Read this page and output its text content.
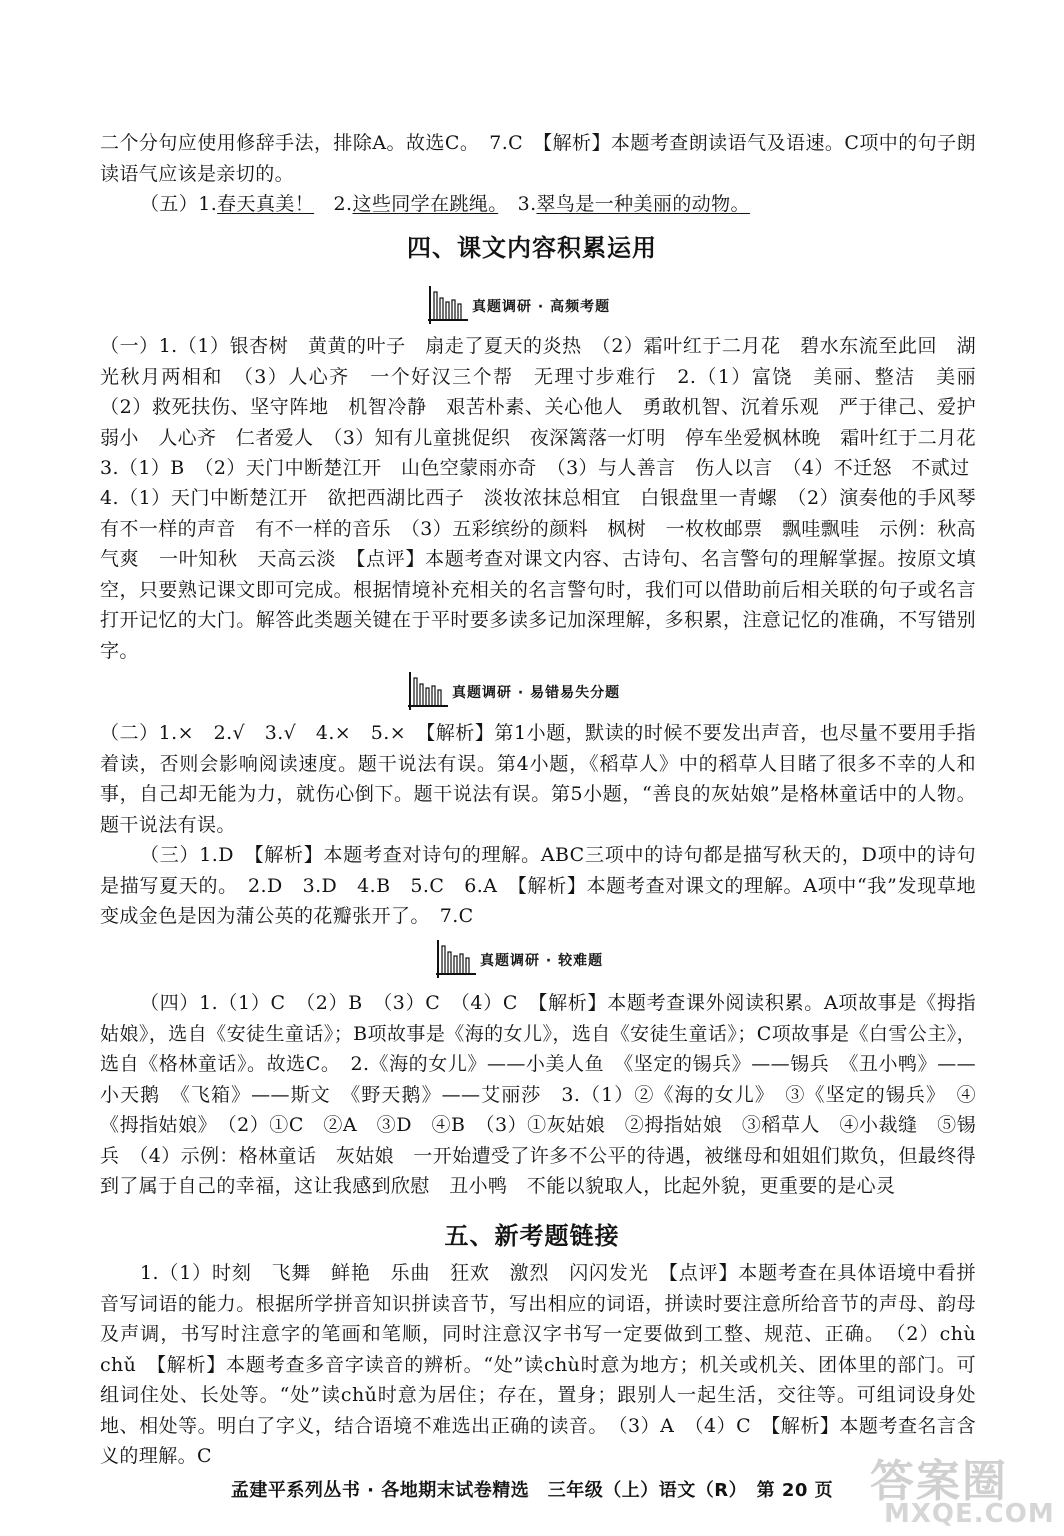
二个分句应使用修辞手法，排除A。故选C。　7.C　【解析】本题考查朗读语气及语速。C项中的句子朗读语气应该是亲切的。

（五）1.春天真美！　2.这些同学在跳绳。　3.翠鸟是一种美丽的动物。

四、课文内容积累运用
真题调研 · 高频考题

（一）1.（1）银杏树　黄黄的叶子　扇走了夏天的炎热　（2）霜叶红于二月花　碧水东流至此回　湖光秋月两相和　（3）人心齐　一个好汉三个帮　无理寸步难行　2.（1）富饶　美丽、整洁　美丽　（2）救死扶伤、坚守阵地　机智冷静　艰苦朴素、关心他人　勇敢机智、沉着乐观　严于律己、爱护弱小　人心齐　仁者爱人　（3）知有儿童挑促织　夜深篱落一灯明　停车坐爱枫林晚　霜叶红于二月花

3.（1）B　（2）天门中断楚江开　山色空蒙雨亦奇　（3）与人善言　伤人以言　（4）不迁怒　不贰过

4.（1）天门中断楚江开　欲把西湖比西子　淡妆浓抹总相宜　白银盘里一青螺　（2）演奏他的手风琴　有不一样的声音　有不一样的音乐　（3）五彩缤纷的颜料　枫树　一枚枚邮票　飘哇飘哇　示例：秋高气爽　一叶知秋　天高云淡　【点评】本题考查对课文内容、古诗句、名言警句的理解掌握。按原文填空，只要熟记课文即可完成。根据情境补充相关的名言警句时，我们可以借助前后相关联的句子或名言打开记忆的大门。解答此类题关键在于平时要多读多记加深理解，多积累，注意记忆的准确，不写错别字。

真题调研 · 易错易失分题

（二）1.×　2.√　3.√　4.×　5.×　【解析】第1小题，默读的时候不要发出声音，也尽量不要用手指着读，否则会影响阅读速度。题干说法有误。第4小题，《稻草人》中的稻草人目睹了很多不幸的人和事，自己却无能为力，就伤心倒下。题干说法有误。第5小题，“善良的灰姑娘”是格林童话中的人物。题干说法有误。

（三）1.D　【解析】本题考查对诗句的理解。ABC三项中的诗句都是描写秋天的，D项中的诗句是描写夏天的。　2.D　3.D　4.B　5.C　6.A　【解析】本题考查对课文的理解。A项中“我”发现草地变成金色是因为蒲公英的花瓣张开了。　7.C

真题调研 · 较难题

（四）1.（1）C　（2）B　（3）C　（4）C　【解析】本题考查课外阅读积累。A项故事是《拇指姑娘》，选自《安徒生童话》；B项故事是《海的女儿》，选自《安徒生童话》；C项故事是《白雪公主》，选自《格林童话》。故选C。　2.《海的女儿》——小美人鱼　《坚定的锡兵》——锡兵　《丑小鸭》——小天鹅　《飞箱》——斯文　《野天鹅》——艾丽莎　3.（1）②《海的女儿》　③《坚定的锡兵》　④《拇指姑娘》　（2）①C　②A　③D　④B　（3）①灰姑娘　②拇指姑娘　③稻草人　④小裁缝　⑤锡兵　（4）示例：格林童话　灰姑娘　一开始遭受了许多不公平的待遇，被继母和姐姐们欺负，但最终得到了属于自己的幸福，这让我感到欣慰　丑小鸭　不能以貌取人，比起外貌，更重要的是心灵

五、新考题链接

1.（1）时刻　飞舞　鲜艳　乐曲　狂欢　激烈　闪闪发光　【点评】本题考查在具体语境中看拼音写词语的能力。根据所学拼音知识拼读音节，写出相应的词语，拼读时要注意所给音节的声母、韵母及声调，书写时注意字的笔画和笔顺，同时注意汉字书写一定要做到工整、规范、正确。　（2）chù　chǔ　【解析】本题考查多音字读音的辨析。“处”读chù时意为地方；机关或机关、团体里的部门。可组词住处、长处等。“处”读chǔ时意为居住；存在，置身；跟别人一起生活，交往等。可组词设身处地、相处等。明白了字义，结合语境不难选出正确的读音。　（3）A　（4）C　【解析】本题考查名言含义的理解。C

孟建平系列丛书 · 各地期末试卷精选　三年级（上）语文（R）　第 20 页 答案圈
MXQE.COM
